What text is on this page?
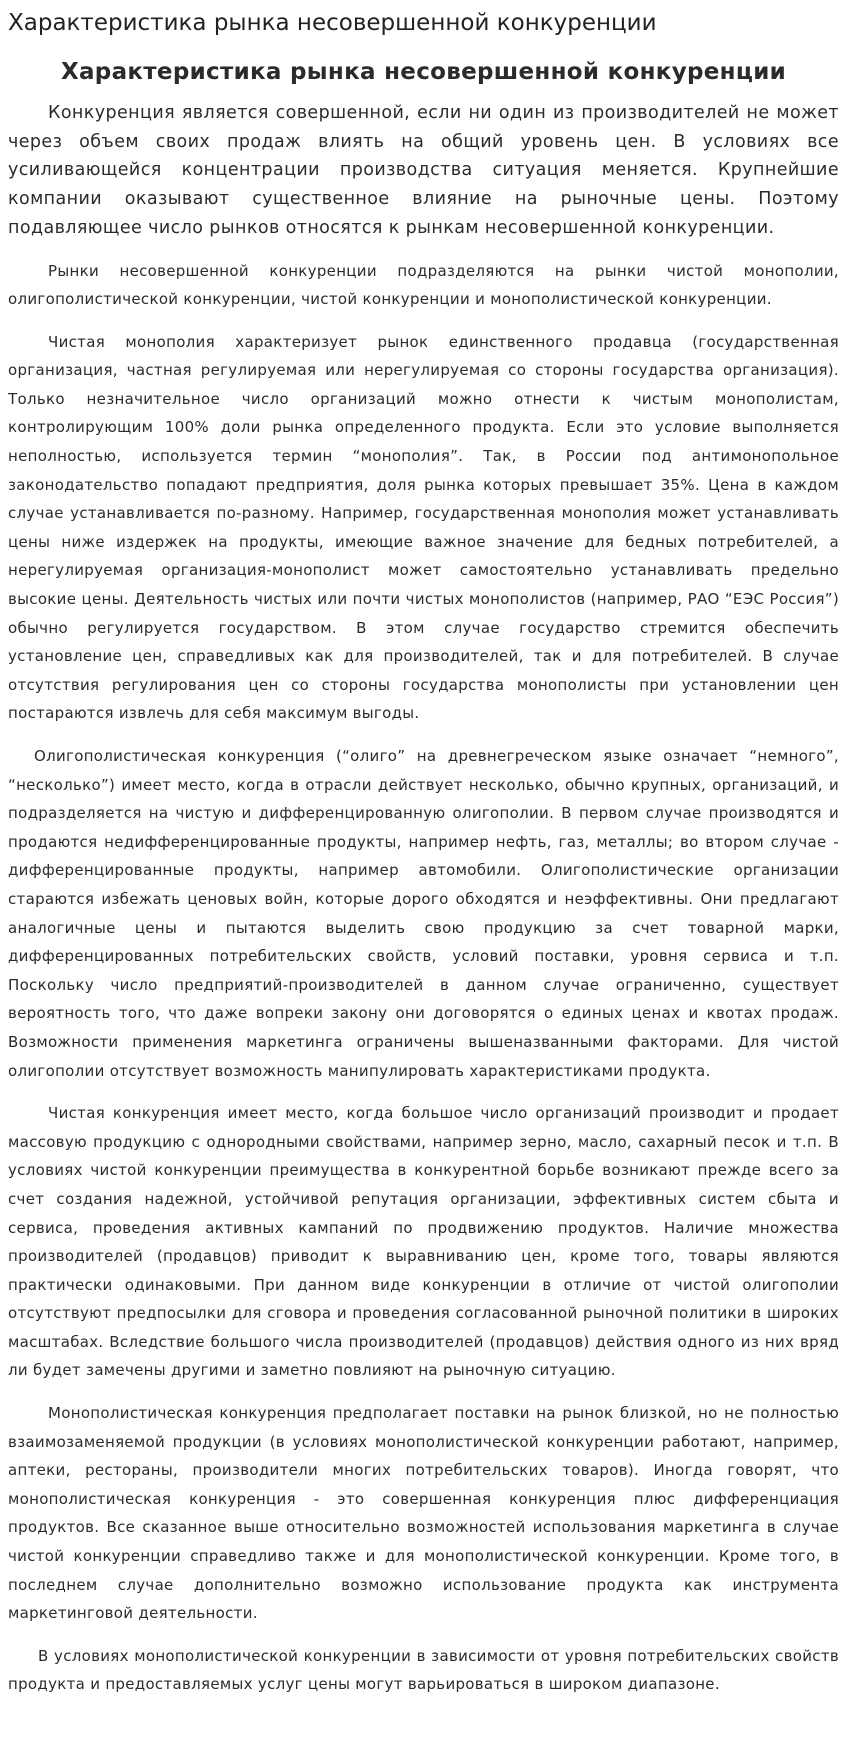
Характеристика рынка несовершенной конкуренции
Характеристика рынка несовершенной конкуренции

Конкуренция является совершенной, если ни один из производителей не может через объем своих продаж влиять на общий уровень цен. В условиях все усиливающейся концентрации производства ситуация меняется. Крупнейшие компании оказывают существенное влияние на рыночные цены. Поэтому подавляющее число рынков относятся к рынкам несовершенной конкуренции.

Рынки несовершенной конкуренции подразделяются на рынки чистой монополии, олигополистической конкуренции, чистой конкуренции и монополистической конкуренции.

Чистая монополия характеризует рынок единственного продавца (государственная организация, частная регулируемая или нерегулируемая со стороны государства организация). Только незначительное число организаций можно отнести к чистым монополистам, контролирующим 100% доли рынка определенного продукта. Если это условие выполняется неполностью, используется термин “монополия”. Так, в России под антимонопольное законодательство попадают предприятия, доля рынка которых превышает 35%. Цена в каждом случае устанавливается по-разному. Например, государственная монополия может устанавливать цены ниже издержек на продукты, имеющие важное значение для бедных потребителей, а нерегулируемая организация-монополист может самостоятельно устанавливать предельно высокие цены. Деятельность чистых или почти чистых монополистов (например, РАО “ЕЭС Россия”) обычно регулируется государством. В этом случае государство стремится обеспечить установление цен, справедливых как для производителей, так и для потребителей. В случае отсутствия регулирования цен со стороны государства монополисты при установлении цен постараются извлечь для себя максимум выгоды.

Олигополистическая конкуренция (“олиго” на древнегреческом языке означает “немного”, “несколько”) имеет место, когда в отрасли действует несколько, обычно крупных, организаций, и подразделяется на чистую и дифференцированную олигополии. В первом случае производятся и продаются недифференцированные продукты, например нефть, газ, металлы; во втором случае - дифференцированные продукты, например автомобили. Олигополистические организации стараются избежать ценовых войн, которые дорого обходятся и неэффективны. Они предлагают аналогичные цены и пытаются выделить свою продукцию за счет товарной марки, дифференцированных потребительских свойств, условий поставки, уровня сервиса и т.п. Поскольку число предприятий-производителей в данном случае ограниченно, существует вероятность того, что даже вопреки закону они договорятся о единых ценах и квотах продаж. Возможности применения маркетинга ограничены вышеназванными факторами. Для чистой олигополии отсутствует возможность манипулировать характеристиками продукта.

Чистая конкуренция имеет место, когда большое число организаций производит и продает массовую продукцию с однородными свойствами, например зерно, масло, сахарный песок и т.п. В условиях чистой конкуренции преимущества в конкурентной борьбе возникают прежде всего за счет создания надежной, устойчивой репутация организации, эффективных систем сбыта и сервиса, проведения активных кампаний по продвижению продуктов. Наличие множества производителей (продавцов) приводит к выравниванию цен, кроме того, товары являются практически одинаковыми. При данном виде конкуренции в отличие от чистой олигополии отсутствуют предпосылки для сговора и проведения согласованной рыночной политики в широких масштабах. Вследствие большого числа производителей (продавцов) действия одного из них вряд ли будет замечены другими и заметно повлияют на рыночную ситуацию.

Монополистическая конкуренция предполагает поставки на рынок близкой, но не полностью взаимозаменяемой продукции (в условиях монополистической конкуренции работают, например, аптеки, рестораны, производители многих потребительских товаров). Иногда говорят, что монополистическая конкуренция - это совершенная конкуренция плюс дифференциация продуктов. Все сказанное выше относительно возможностей использования маркетинга в случае чистой конкуренции справедливо также и для монополистической конкуренции. Кроме того, в последнем случае дополнительно возможно использование продукта как инструмента маркетинговой деятельности.

В условиях монополистической конкуренции в зависимости от уровня потребительских свойств продукта и предоставляемых услуг цены могут варьироваться в широком диапазоне.
